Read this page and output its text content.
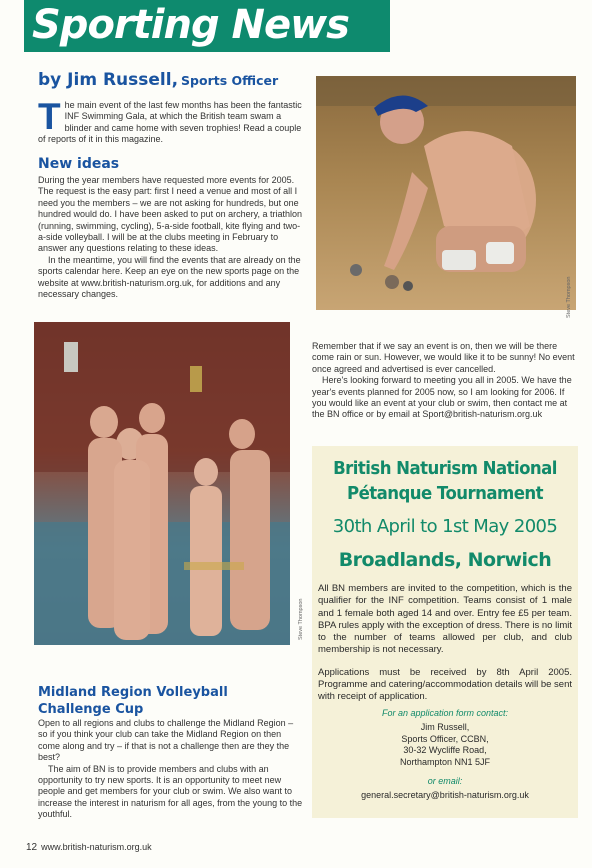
Sporting News
by Jim Russell, Sports Officer
The main event of the last few months has been the fantastic INF Swimming Gala, at which the British team swam a blinder and came home with seven trophies! Read a couple of reports of it in this magazine.
New ideas

During the year members have requested more events for 2005. The request is the easy part: first I need a venue and most of all I need you the members – we are not asking for hundreds, but one hundred would do. I have been asked to put on archery, a triathlon (running, swimming, cycling), 5-a-side football, kite flying and two-a-side volleyball. I will be at the clubs meeting in February to answer any questions relating to these ideas.

In the meantime, you will find the events that are already on the sports calendar here. Keep an eye on the new sports page on the website at www.british-naturism.org.uk, for additions and any necessary changes.	Steve Thompson
Steve Thompson

Remember that if we say an event is on, then we will be there come rain or sun. However, we would like it to be sunny! No event once agreed and advertised is ever cancelled.

Here's looking forward to meeting you all in 2005. We have the year's events planned for 2005 now, so I am looking for 2006. If you would like an event at your club or swim, then contact me at the BN office or by email at Sport@british-naturism.org.uk

British Naturism National
Pétanque Tournament
30th April to 1st May 2005
Broadlands, Norwich

All BN members are invited to the competition, which is the qualifier for the INF competition. Teams consist of 1 male and 1 female both aged 14 and over. Entry fee £5 per team. BPA rules apply with the exception of dress. There is no limit to the number of teams allowed per club, and club membership is not necessary.

Applications must be received by 8th April 2005. Programme and catering/accommodation details will be sent with receipt of application.

For an application form contact:
Jim Russell,
Sports Officer, CCBN,
30-32 Wycliffe Road,
Northampton NN1 5JF
or email:
general.secretary@british-naturism.org.uk
Midland Region Volleyball
Challenge Cup

Open to all regions and clubs to challenge the Midland Region – so if you think your club can take the Midland Region on then come along and try – if that is not a challenge then are they the best?

The aim of BN is to provide members and clubs with an opportunity to try new sports. It is an opportunity to meet new people and get members for your club or swim. We also want to increase the interest in naturism for all ages, from the young to the youthful.

12 www.british-naturism.org.uk
